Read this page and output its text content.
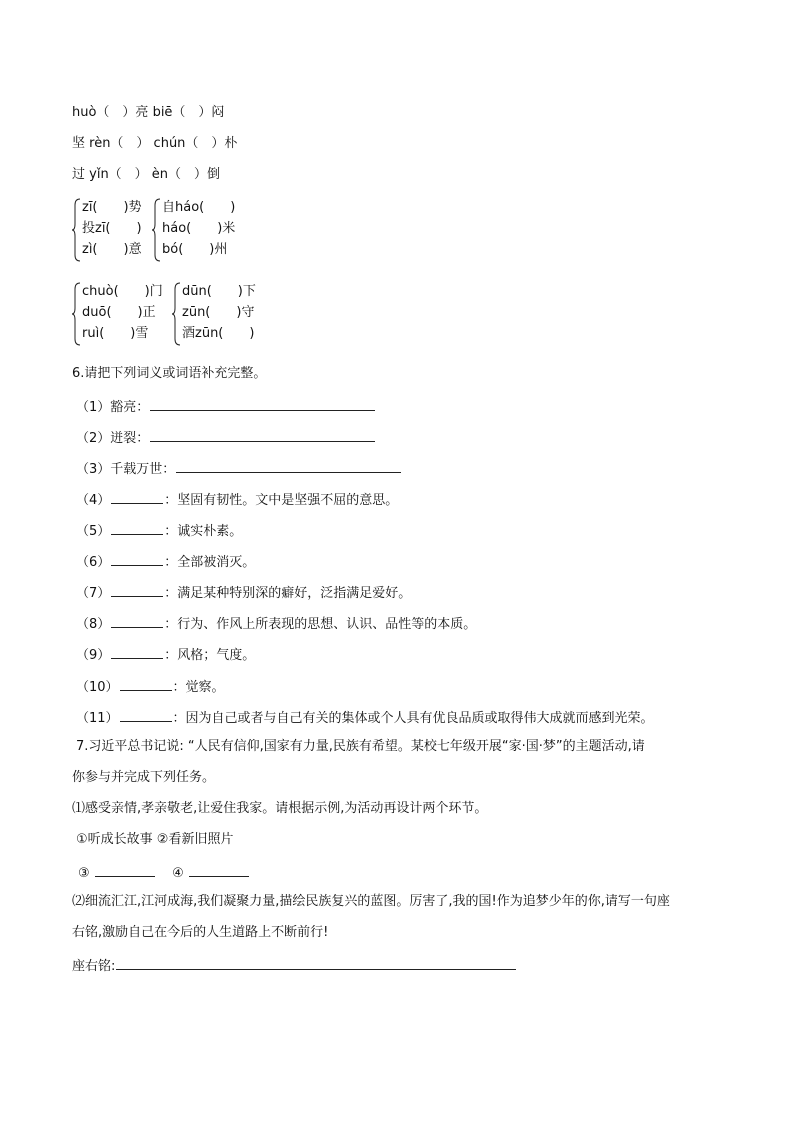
huò（　）亮 biē（　）闷
坚 rèn（　） chún（　）朴
过 yǐn（　） èn（　）倒
zī(　　)势
投zī(　　)
zì(　　)意
自háo(　　)
háo(　　)米
bó(　　)州
chuò(　　)门
duō(　　)正
ruì(　　)雪
dūn(　　)下
zūn(　　)守
酒zūn(　　)
6.请把下列词义或词语补充完整。
（1）豁亮：
（2）迸裂：
（3）千载万世：
（4）	：坚固有韧性。文中是坚强不屈的意思。
（5）	：诚实朴素。
（6）	：全部被消灭。
（7）	：满足某种特别深的癖好，泛指满足爱好。
（8）	：行为、作风上所表现的思想、认识、品性等的本质。
（9）	：风格；气度。
（10）	：觉察。
（11）	：因为自己或者与自己有关的集体或个人具有优良品质或取得伟大成就而感到光荣。
7.习近平总书记说: “人民有信仰,国家有力量,民族有希望。某校七年级开展“家·国·梦”的主题活动,请
你参与并完成下列任务。
⑴感受亲情,孝亲敬老,让爱住我家。请根据示例,为活动再设计两个环节。
①听成长故事 ②看新旧照片
③	④
⑵细流汇江,江河成海,我们凝聚力量,描绘民族复兴的蓝图。厉害了,我的国!作为追梦少年的你,请写一句座
右铭,激励自己在今后的人生道路上不断前行!
座右铭:
